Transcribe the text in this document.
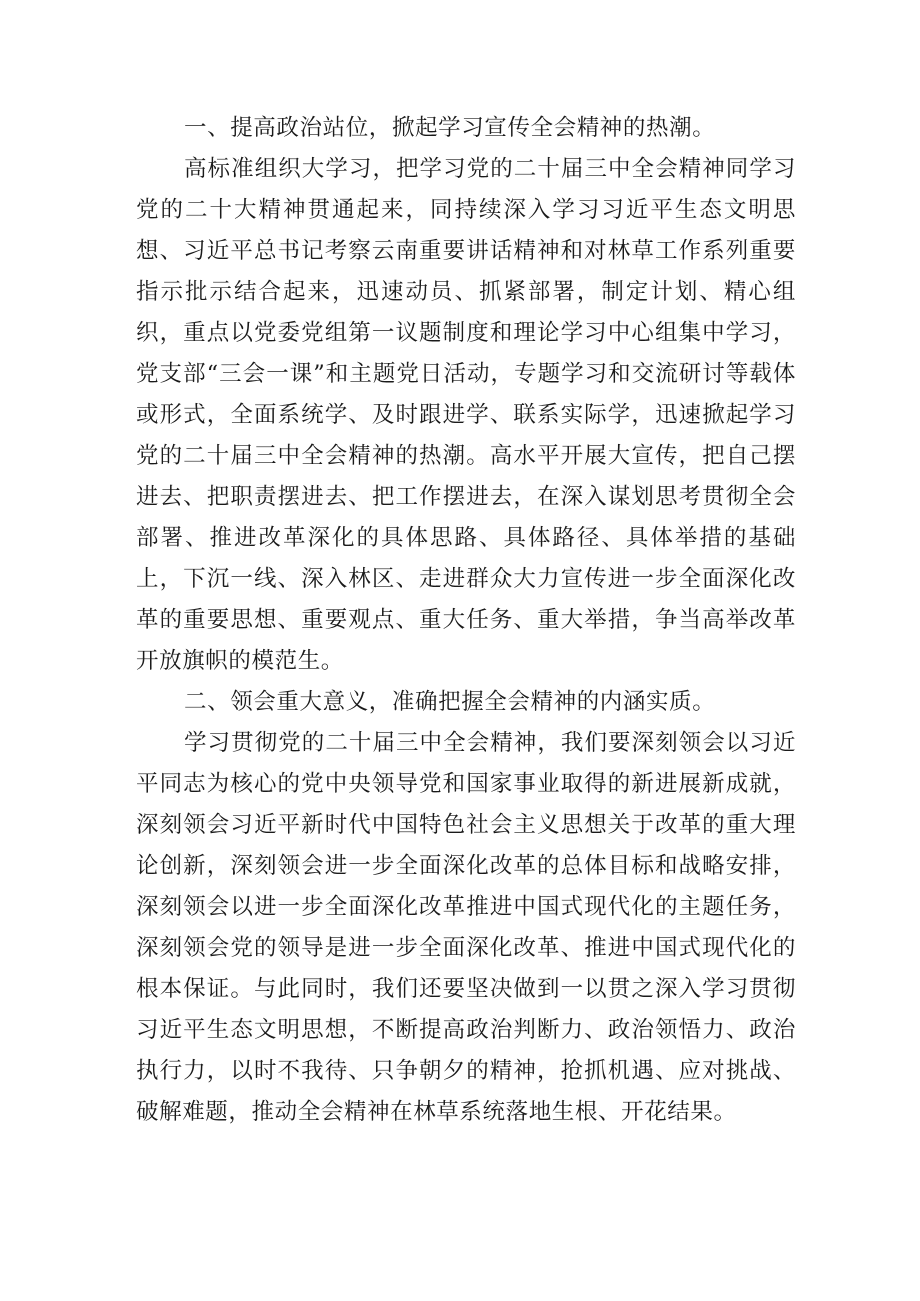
一、提高政治站位，掀起学习宣传全会精神的热潮。

高标准组织大学习，把学习党的二十届三中全会精神同学习党的二十大精神贯通起来，同持续深入学习习近平生态文明思想、习近平总书记考察云南重要讲话精神和对林草工作系列重要指示批示结合起来，迅速动员、抓紧部署，制定计划、精心组织，重点以党委党组第一议题制度和理论学习中心组集中学习，党支部“三会一课”和主题党日活动，专题学习和交流研讨等载体或形式，全面系统学、及时跟进学、联系实际学，迅速掀起学习党的二十届三中全会精神的热潮。高水平开展大宣传，把自己摆进去、把职责摆进去、把工作摆进去，在深入谋划思考贯彻全会部署、推进改革深化的具体思路、具体路径、具体举措的基础上，下沉一线、深入林区、走进群众大力宣传进一步全面深化改革的重要思想、重要观点、重大任务、重大举措，争当高举改革开放旗帜的模范生。

二、领会重大意义，准确把握全会精神的内涵实质。

学习贯彻党的二十届三中全会精神，我们要深刻领会以习近平同志为核心的党中央领导党和国家事业取得的新进展新成就，深刻领会习近平新时代中国特色社会主义思想关于改革的重大理论创新，深刻领会进一步全面深化改革的总体目标和战略安排，深刻领会以进一步全面深化改革推进中国式现代化的主题任务，深刻领会党的领导是进一步全面深化改革、推进中国式现代化的根本保证。与此同时，我们还要坚决做到一以贯之深入学习贯彻习近平生态文明思想，不断提高政治判断力、政治领悟力、政治执行力，以时不我待、只争朝夕的精神，抢抓机遇、应对挑战、破解难题，推动全会精神在林草系统落地生根、开花结果。
